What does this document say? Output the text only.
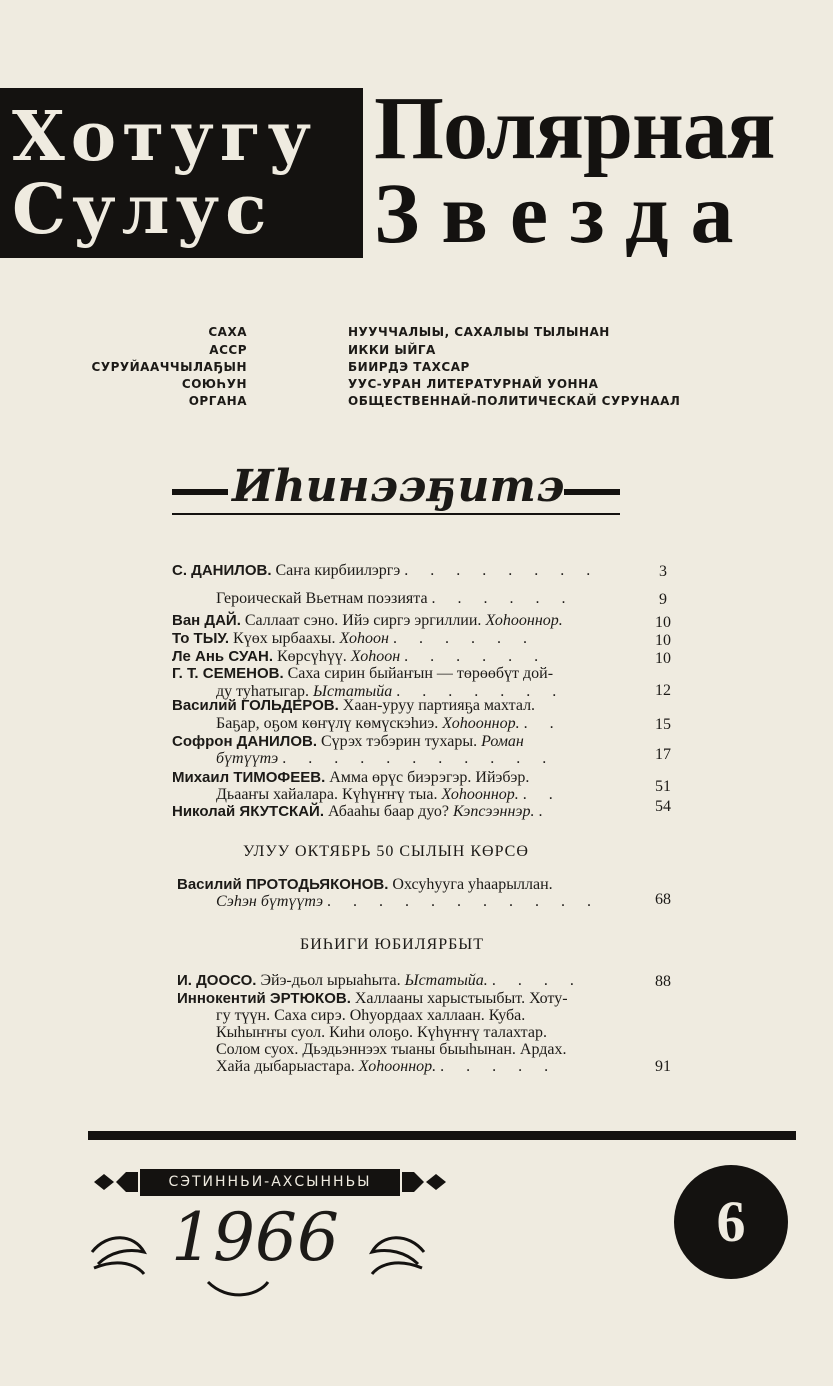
Хотугу
Сулус
Полярная
Звезда
САХА
АССР
СУРУЙААЧЧЫЛАҔЫН
СОЮҺУН
ОРГАНА
НУУЧЧАЛЫЫ, САХАЛЫЫ ТЫЛЫНАН
ИККИ ЫЙГА
БИИРДЭ ТАХСАР
УУС-УРАН ЛИТЕРАТУРНАЙ УОННА
ОБЩЕСТВЕННАЙ-ПОЛИТИЧЕСКАЙ СУРУНААЛ
Иһинээҕитэ
С. ДАНИЛОВ. Саҥа кирбиилэргэ . . . . . . . .	3
Героическай Вьетнам поэзията . . . . . .	9
Ван ДАЙ. Саллаат сэно. Ийэ сиргэ эргиллии. Хоһооннор.	10
То ТЫУ. Күөх ырбаахы. Хоһоон . . . . . .	10
Ле Ань СУАН. Көрсүһүү. Хоһоон . . . . . .	10
Г. Т. СЕМЕНОВ. Саха сирин быйаҥын — төрөөбүт дой-
ду туһатыгар. Ыстатыйа . . . . . . .	12
Василий ГОЛЬДЕРОВ. Хаан-уруу партияҕа махтал.
Баҕар, оҕом көҥүлү көмүскэһиэ. Хоһооннор. . .	15
Софрон ДАНИЛОВ. Сүрэх тэбэрин тухары. Роман
бүтүүтэ . . . . . . . . . . .	17
Михаил ТИМОФЕЕВ. Амма өрүс биэрэгэр. Ийэбэр.
Дьааҥы хайалара. Күһүҥҥү тыа. Хоһооннор. . .	51
Николай ЯКУТСКАЙ. Абааһы баар дуо? Кэпсээннэр. .	54
УЛУУ ОКТЯБРЬ 50 СЫЛЫН КӨРСӨ
Василий ПРОТОДЬЯКОНОВ. Охсуһууга уһаарыллан.
Сэһэн бүтүүтэ . . . . . . . . . . .	68
БИҺИГИ ЮБИЛЯРБЫТ
И. ДООСО. Эйэ-дьол ырыаһыта. Ыстатыйа. . . . .	88
Иннокентий ЭРТЮКОВ. Халлааны харыстыыбыт. Хоту-
гу түүн. Саха сирэ. Оһуордаах халлаан. Куба.
Кыһыҥҥы суол. Киһи олоҕо. Күһүҥҥү талахтар.
Солом суох. Дьэдьэннээх тыаны быыһынан. Ардах.
Хайа дыбарыастара. Хоһооннор. . . . . .	91
СЭТИННЬИ-АХСЫННЬЫ
1966	6
